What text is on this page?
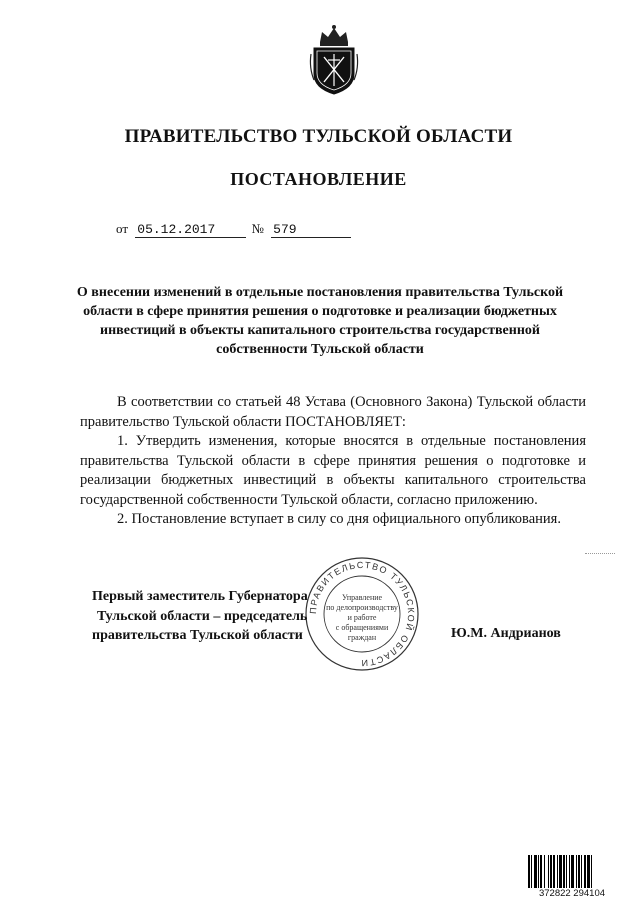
ПРАВИТЕЛЬСТВО ТУЛЬСКОЙ ОБЛАСТИ
ПОСТАНОВЛЕНИЕ
от 05.12.2017	№ 579
О внесении изменений в отдельные постановления правительства Тульской области в сфере принятия решения о подготовке и реализации бюджетных инвестиций в объекты капитального строительства государственной собственности Тульской области
В соответствии со статьей 48 Устава (Основного Закона) Тульской области правительство Тульской области ПОСТАНОВЛЯЕТ:
1. Утвердить изменения, которые вносятся в отдельные постановления правительства Тульской области в сфере принятия решения о подготовке и реализации бюджетных инвестиций в объекты капитального строительства государственной собственности Тульской области, согласно приложению.
2. Постановление вступает в силу со дня официального опубликования.
ПРАВИТЕЛЬСТВО ТУЛЬСКОЙ ОБЛАСТИ
Управление
по делопроизводству
и работе
с обращениями
граждан
Первый заместитель Губернатора
Тульской области – председатель
правительства Тульской области	Ю.М. Андрианов
372822 294104
